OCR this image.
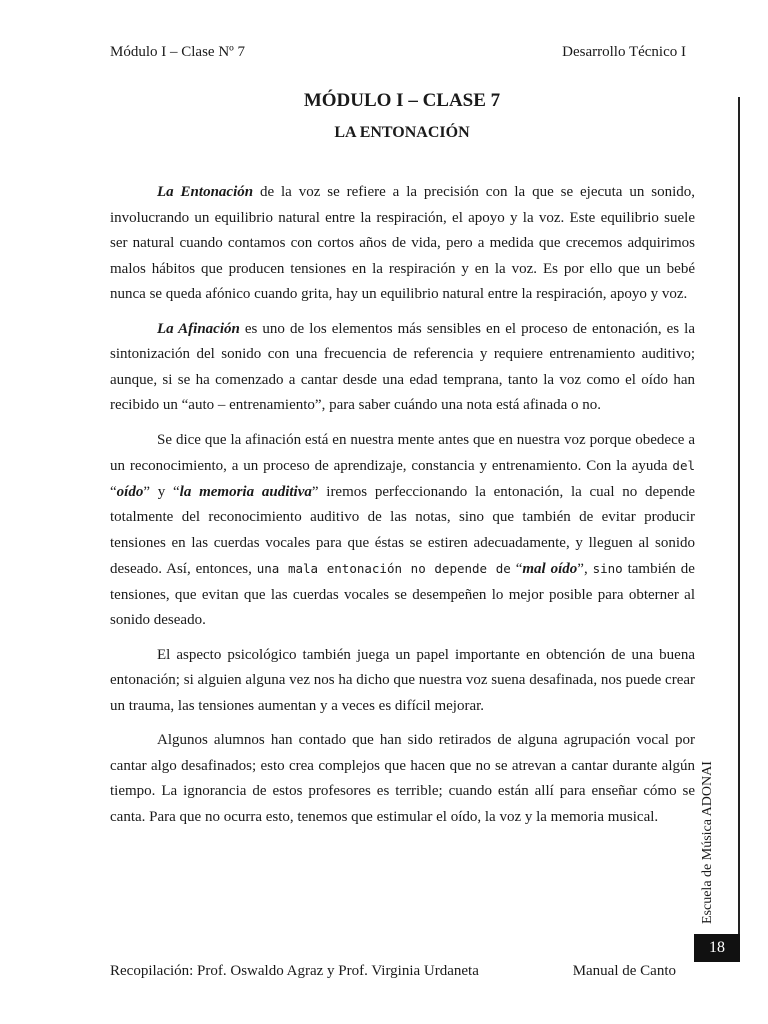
Módulo I – Clase Nº 7	Desarrollo Técnico I
MÓDULO I – CLASE 7
LA ENTONACIÓN

La Entonación de la voz se refiere a la precisión con la que se ejecuta un sonido, involucrando un equilibrio natural entre la respiración, el apoyo y la voz. Este equilibrio suele ser natural cuando contamos con cortos años de vida, pero a medida que crecemos adquirimos malos hábitos que producen tensiones en la respiración y en la voz. Es por ello que un bebé nunca se queda afónico cuando grita, hay un equilibrio natural entre la respiración, apoyo y voz.

La Afinación es uno de los elementos más sensibles en el proceso de entonación, es la sintonización del sonido con una frecuencia de referencia y requiere entrenamiento auditivo; aunque, si se ha comenzado a cantar desde una edad temprana, tanto la voz como el oído han recibido un “auto – entrenamiento”, para saber cuándo una nota está afinada o no.

Se dice que la afinación está en nuestra mente antes que en nuestra voz porque obedece a un reconocimiento, a un proceso de aprendizaje, constancia y entrenamiento. Con la ayuda del “oído” y “la memoria auditiva” iremos perfeccionando la entonación, la cual no depende totalmente del reconocimiento auditivo de las notas, sino que también de evitar producir tensiones en las cuerdas vocales para que éstas se estiren adecuadamente, y lleguen al sonido deseado. Así, entonces, una mala entonación no depende de “mal oído”, sino también de tensiones, que evitan que las cuerdas vocales se desempeñen lo mejor posible para obterner al sonido deseado.

El aspecto psicológico también juega un papel importante en obtención de una buena entonación; si alguien alguna vez nos ha dicho que nuestra voz suena desafinada, nos puede crear un trauma, las tensiones aumentan y a veces es difícil mejorar.

Algunos alumnos han contado que han sido retirados de alguna agrupación vocal por cantar algo desafinados; esto crea complejos que hacen que no se atrevan a cantar durante algún tiempo. La ignorancia de estos profesores es terrible; cuando están allí para enseñar cómo se canta. Para que no ocurra esto, tenemos que estimular el oído, la voz y la memoria musical.	Escuela de Música ADONAI
18
Recopilación: Prof. Oswaldo Agraz y Prof. Virginia Urdaneta	Manual de Canto
